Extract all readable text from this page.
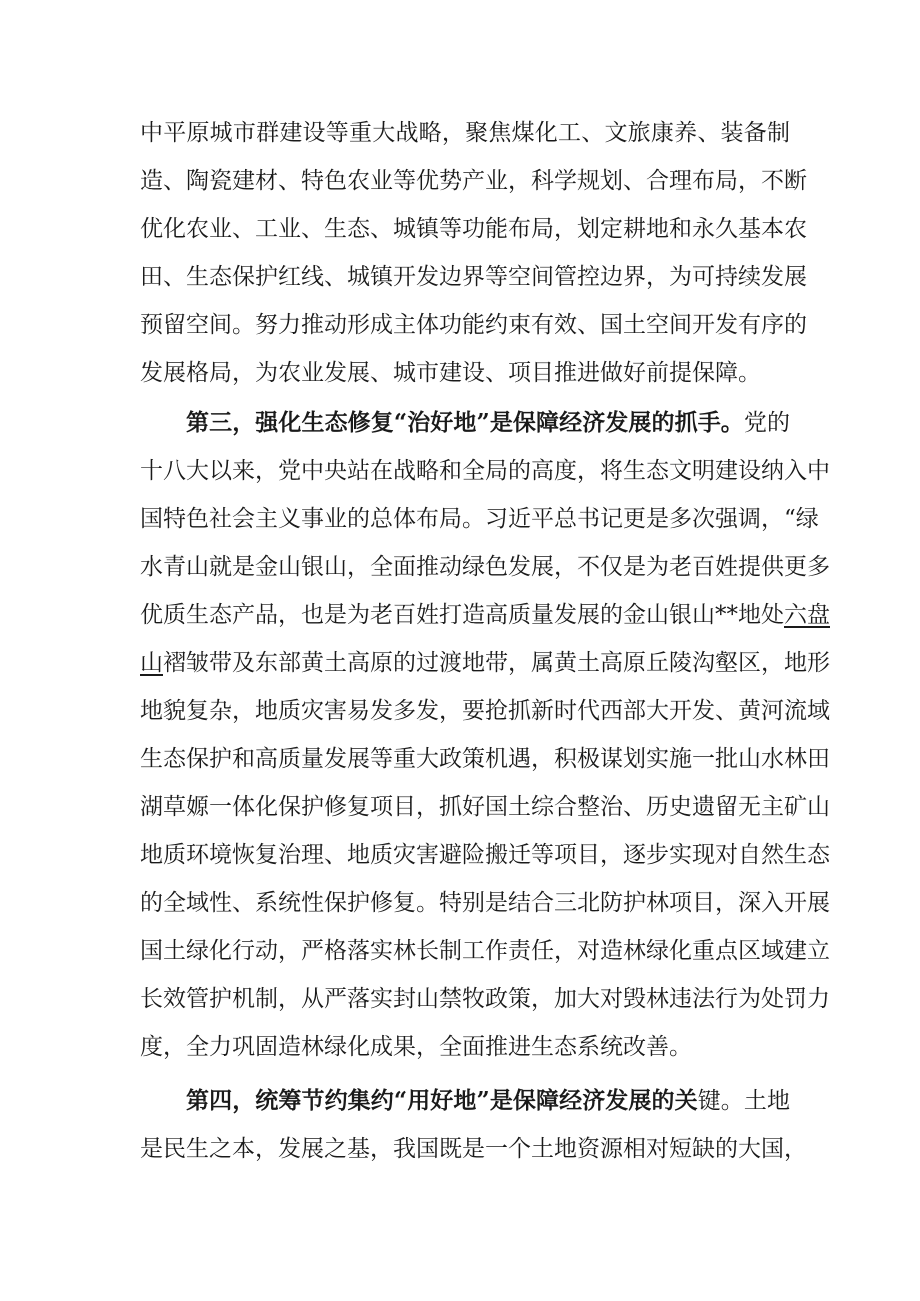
中平原城市群建设等重大战略，聚焦煤化工、文旅康养、装备制
造、陶瓷建材、特色农业等优势产业，科学规划、合理布局，不断
优化农业、工业、生态、城镇等功能布局，划定耕地和永久基本农
田、生态保护红线、城镇开发边界等空间管控边界，为可持续发展
预留空间。努力推动形成主体功能约束有效、国土空间开发有序的
发展格局，为农业发展、城市建设、项目推进做好前提保障。
第三，强化生态修复“治好地”是保障经济发展的抓手。党的
十八大以来，党中央站在战略和全局的高度，将生态文明建设纳入中
国特色社会主义事业的总体布局。习近平总书记更是多次强调，“绿
水青山就是金山银山，全面推动绿色发展，不仅是为老百姓提供更多
优质生态产品，也是为老百姓打造高质量发展的金山银山**地处六盘
山褶皱带及东部黄土高原的过渡地带，属黄土高原丘陵沟壑区，地形
地貌复杂，地质灾害易发多发，要抢抓新时代西部大开发、黄河流域
生态保护和高质量发展等重大政策机遇，积极谋划实施一批山水林田
湖草嫄一体化保护修复项目，抓好国土综合整治、历史遗留无主矿山
地质环境恢复治理、地质灾害避险搬迁等项目，逐步实现对自然生态
的全域性、系统性保护修复。特别是结合三北防护林项目，深入开展
国土绿化行动，严格落实林长制工作责任，对造林绿化重点区域建立
长效管护机制，从严落实封山禁牧政策，加大对毁林违法行为处罚力
度，全力巩固造林绿化成果，全面推进生态系统改善。
第四，统筹节约集约“用好地”是保障经济发展的关键。土地
是民生之本，发展之基，我国既是一个土地资源相对短缺的大国，
